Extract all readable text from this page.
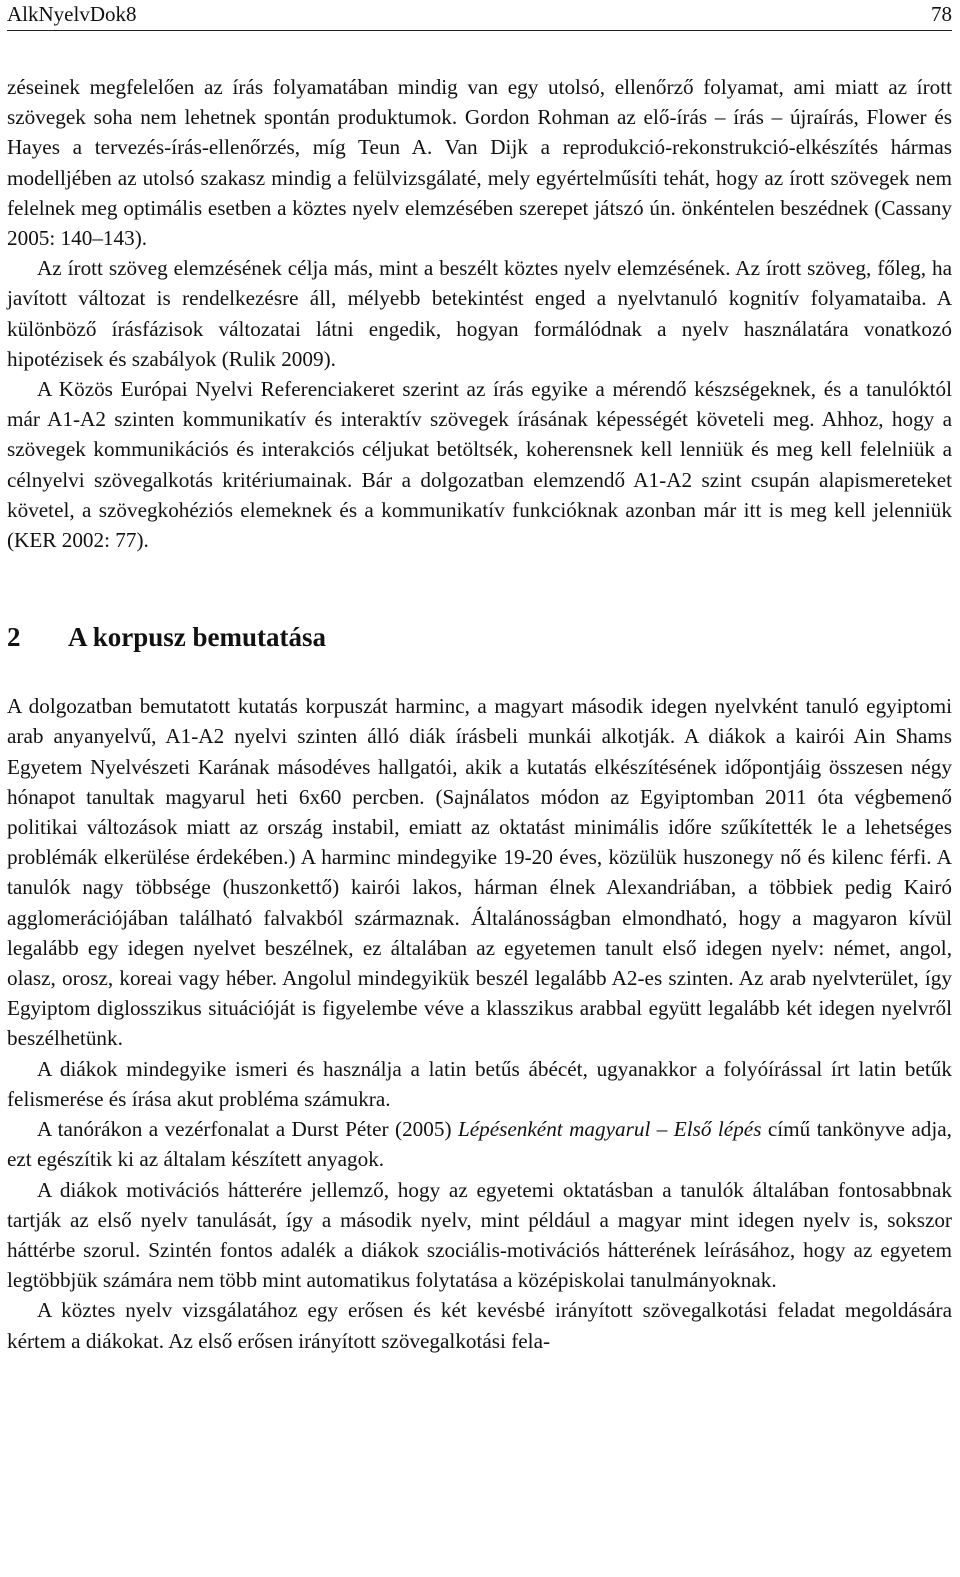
AlkNyelvDok8	78

zéseinek megfelelően az írás folyamatában mindig van egy utolsó, ellenőrző folyamat, ami miatt az írott szövegek soha nem lehetnek spontán produktumok. Gordon Rohman az elő-írás – írás – újraírás, Flower és Hayes a tervezés-írás-ellenőrzés, míg Teun A. Van Dijk a reprodukció-rekonstrukció-elkészítés hármas modelljében az utolsó szakasz mindig a felülvizsgálaté, mely egyértelműsíti tehát, hogy az írott szövegek nem felelnek meg optimális esetben a köztes nyelv elemzésében szerepet játszó ún. önkéntelen beszédnek (Cassany 2005: 140–143).

Az írott szöveg elemzésének célja más, mint a beszélt köztes nyelv elemzésének. Az írott szöveg, főleg, ha javított változat is rendelkezésre áll, mélyebb betekintést enged a nyelvtanuló kognitív folyamataiba. A különböző írásfázisok változatai látni engedik, hogyan formálódnak a nyelv használatára vonatkozó hipotézisek és szabályok (Rulik 2009).

A Közös Európai Nyelvi Referenciakeret szerint az írás egyike a mérendő készségeknek, és a tanulóktól már A1-A2 szinten kommunikatív és interaktív szövegek írásának képességét követeli meg. Ahhoz, hogy a szövegek kommunikációs és interakciós céljukat betöltsék, koherensnek kell lenniük és meg kell felelniük a célnyelvi szövegalkotás kritériumainak. Bár a dolgozatban elemzendő A1-A2 szint csupán alapismereteket követel, a szövegkohéziós elemeknek és a kommunikatív funkcióknak azonban már itt is meg kell jelenniük (KER 2002: 77).

2 A korpusz bemutatása

A dolgozatban bemutatott kutatás korpuszát harminc, a magyart második idegen nyelvként tanuló egyiptomi arab anyanyelvű, A1-A2 nyelvi szinten álló diák írásbeli munkái alkotják. A diákok a kairói Ain Shams Egyetem Nyelvészeti Karának másodéves hallgatói, akik a kutatás elkészítésének időpontjáig összesen négy hónapot tanultak magyarul heti 6x60 percben. (Sajnálatos módon az Egyiptomban 2011 óta végbemenő politikai változások miatt az ország instabil, emiatt az oktatást minimális időre szűkítették le a lehetséges problémák elkerülése érdekében.) A harminc mindegyike 19-20 éves, közülük huszonegy nő és kilenc férfi. A tanulók nagy többsége (huszonkettő) kairói lakos, hárman élnek Alexandriában, a többiek pedig Kairó agglomerációjában található falvakból származnak. Általánosságban elmondható, hogy a magyaron kívül legalább egy idegen nyelvet beszélnek, ez általában az egyetemen tanult első idegen nyelv: német, angol, olasz, orosz, koreai vagy héber. Angolul mindegyikük beszél legalább A2-es szinten. Az arab nyelvterület, így Egyiptom diglosszikus situációját is figyelembe véve a klasszikus arabbal együtt legalább két idegen nyelvről beszélhetünk.

A diákok mindegyike ismeri és használja a latin betűs ábécét, ugyanakkor a folyóírással írt latin betűk felismerése és írása akut probléma számukra.

A tanórákon a vezérfonalat a Durst Péter (2005) Lépésenként magyarul – Első lépés című tankönyve adja, ezt egészítik ki az általam készített anyagok.

A diákok motivációs hátterére jellemző, hogy az egyetemi oktatásban a tanulók általában fontosabbnak tartják az első nyelv tanulását, így a második nyelv, mint például a magyar mint idegen nyelv is, sokszor háttérbe szorul. Szintén fontos adalék a diákok szociális-motivációs hátterének leírásához, hogy az egyetem legtöbbjük számára nem több mint automatikus folytatása a középiskolai tanulmányoknak.

A köztes nyelv vizsgálatához egy erősen és két kevésbé irányított szövegalkotási feladat megoldására kértem a diákokat. Az első erősen irányított szövegalkotási fela-
